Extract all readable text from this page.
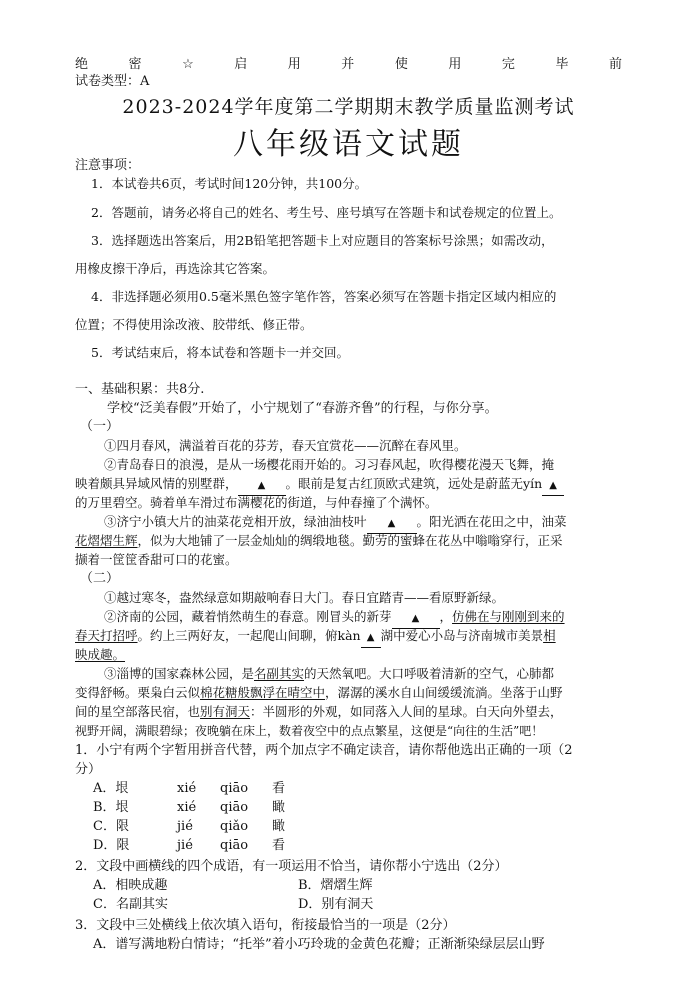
绝	密	☆	启	用	并	使	用	完	毕	前
试卷类型：A
2023-2024学年度第二学期期末教学质量监测考试
八年级语文试题
注意事项：
1．本试卷共6页，考试时间120分钟，共100分。
2．答题前，请务必将自己的姓名、考生号、座号填写在答题卡和试卷规定的位置上。
3．选择题选出答案后，用2B铅笔把答题卡上对应题目的答案标号涂黑；如需改动，
用橡皮擦干净后，再选涂其它答案。
4．非选择题必须用0.5毫米黑色签字笔作答，答案必须写在答题卡指定区域内相应的
位置；不得使用涂改液、胶带纸、修正带。
5．考试结束后，将本试卷和答题卡一并交回。
一、基础积累：共8分.
学校“泛美春假”开始了，小宁规划了“春游齐鲁”的行程，与你分享。
（一）
①四月春风，满溢着百花的芬芳，春天宜赏花——沉醉在春风里。
②青岛春日的浪漫，是从一场樱花雨开始的。习习春风起，吹得樱花漫天飞舞，掩
映着颇具异域风情的别墅群， ▲ 。眼前是复古红顶欧式建筑，远处是蔚蓝无yín ▲
的万里碧空。骑着单车滑过布满樱花的街道，与仲春撞了个满怀。
③济宁小镇大片的油菜花竞相开放，绿油油枝叶 ▲ 。阳光洒在花田之中，油菜
花熠熠生辉，似为大地铺了一层金灿灿的绸缎地毯。勤劳的蜜蜂在花丛中嗡嗡穿行，正采
撷着一筐筐香甜可口的花蜜。
（二）
①越过寒冬，盎然绿意如期敲响春日大门。春日宜踏青——看原野新绿。
②济南的公园，藏着悄然萌生的春意。刚冒头的新芽 ▲ ，仿佛在与刚刚到来的
春天打招呼。约上三两好友，一起爬山间聊，俯kàn ▲ 湖中爱心小岛与济南城市美景相
映成趣。
③淄博的国家森林公园，是名副其实的天然氧吧。大口呼吸着清新的空气，心肺都
变得舒畅。栗枭白云似棉花糖般飘浮在晴空中，潺潺的溪水自山间缓缓流淌。坐落于山野
间的星空部落民宿，也别有洞天：半圆形的外观，如同落入人间的星球。白天向外望去，
视野开阔，满眼碧绿；夜晚躺在床上，数着夜空中的点点繁星，这便是“向往的生活”吧！
1．小宁有两个字暂用拼音代替，两个加点字不确定读音，请你帮他选出正确的一项（2
分）
A．垠	xié qiāo 看
B．垠	xié qiāo 瞰
C．限	jié qiǎo 瞰
D．限	jié qiāo 看
2．文段中画横线的四个成语，有一项运用不恰当，请你帮小宁选出（2分）
A．相映成趣	B．熠熠生辉
C．名副其实	D．别有洞天
3．文段中三处横线上依次填入语句，衔接最恰当的一项是（2分）
A．谱写满地粉白情诗；“托举”着小巧玲珑的金黄色花瓣；正渐渐染绿层层山野
